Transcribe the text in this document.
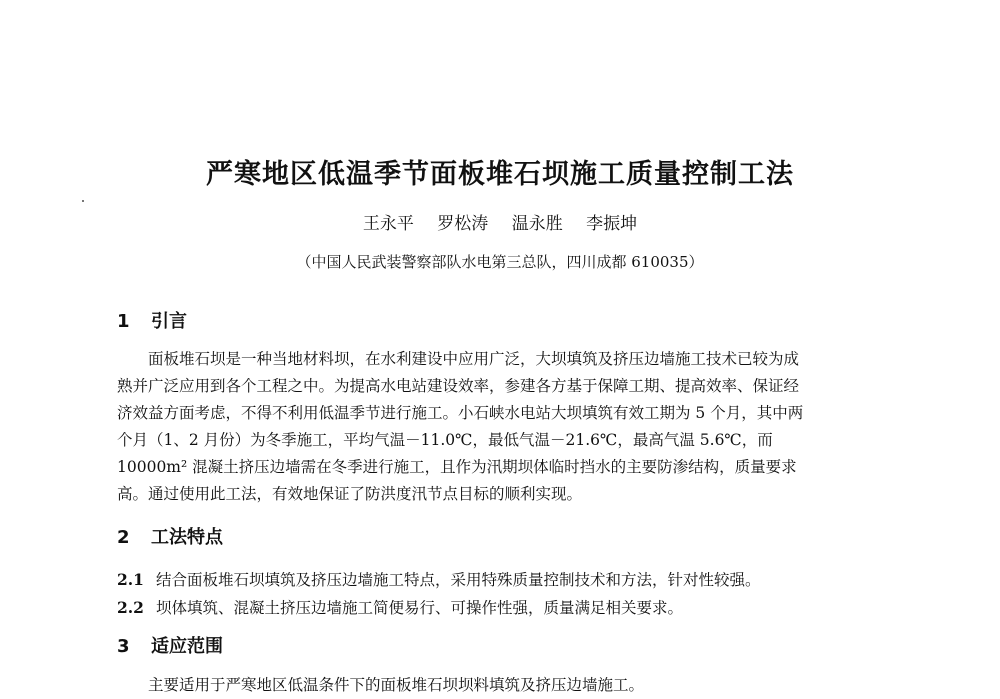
严寒地区低温季节面板堆石坝施工质量控制工法
王永平 罗松涛 温永胜 李振坤
（中国人民武装警察部队水电第三总队，四川成都 610035）
1 引言
　　面板堆石坝是一种当地材料坝，在水利建设中应用广泛，大坝填筑及挤压边墙施工技术已较为成
熟并广泛应用到各个工程之中。为提高水电站建设效率，参建各方基于保障工期、提高效率、保证经
济效益方面考虑，不得不利用低温季节进行施工。小石峡水电站大坝填筑有效工期为 5 个月，其中两
个月（1、2 月份）为冬季施工，平均气温－11.0℃，最低气温－21.6℃，最高气温 5.6℃，而
10000m² 混凝土挤压边墙需在冬季进行施工，且作为汛期坝体临时挡水的主要防渗结构，质量要求
高。通过使用此工法，有效地保证了防洪度汛节点目标的顺利实现。
2 工法特点
2.1 结合面板堆石坝填筑及挤压边墙施工特点，采用特殊质量控制技术和方法，针对性较强。
2.2 坝体填筑、混凝土挤压边墙施工简便易行、可操作性强，质量满足相关要求。
3 适应范围
　　主要适用于严寒地区低温条件下的面板堆石坝坝料填筑及挤压边墙施工。
